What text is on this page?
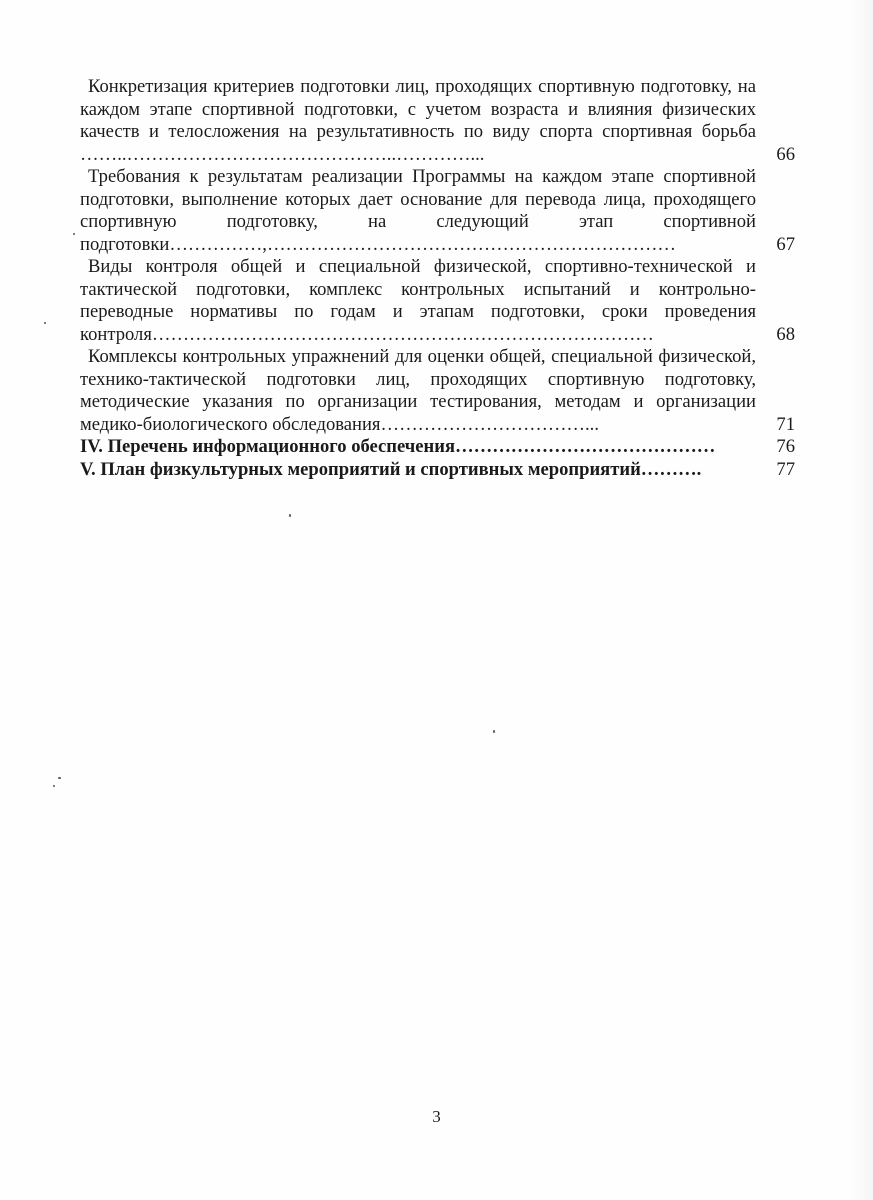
Конкретизация критериев подготовки лиц, проходящих спортивную подготовку, на каждом этапе спортивной подготовки, с учетом возраста и влияния физических качеств и телосложения на результативность по виду спорта спортивная борьба ……..……………………………………..…………...	66
Требования к результатам реализации Программы на каждом этапе спортивной подготовки, выполнение которых дает основание для перевода лица, проходящего спортивную подготовку, на следующий этап спортивной подготовки……………,…………………………………………………………	67
Виды контроля общей и специальной физической, спортивно-технической и тактической подготовки, комплекс контрольных испытаний и контрольно-переводные нормативы по годам и этапам подготовки, сроки проведения контроля………………………………………………………………………	68
Комплексы контрольных упражнений для оценки общей, специальной физической, технико-тактической подготовки лиц, проходящих спортивную подготовку, методические указания по организации тестирования, методам и организации медико-биологического обследования……………………………...	71
IV. Перечень информационного обеспечения……………………………………	76
V. План физкультурных мероприятий и спортивных мероприятий……….	77
3
